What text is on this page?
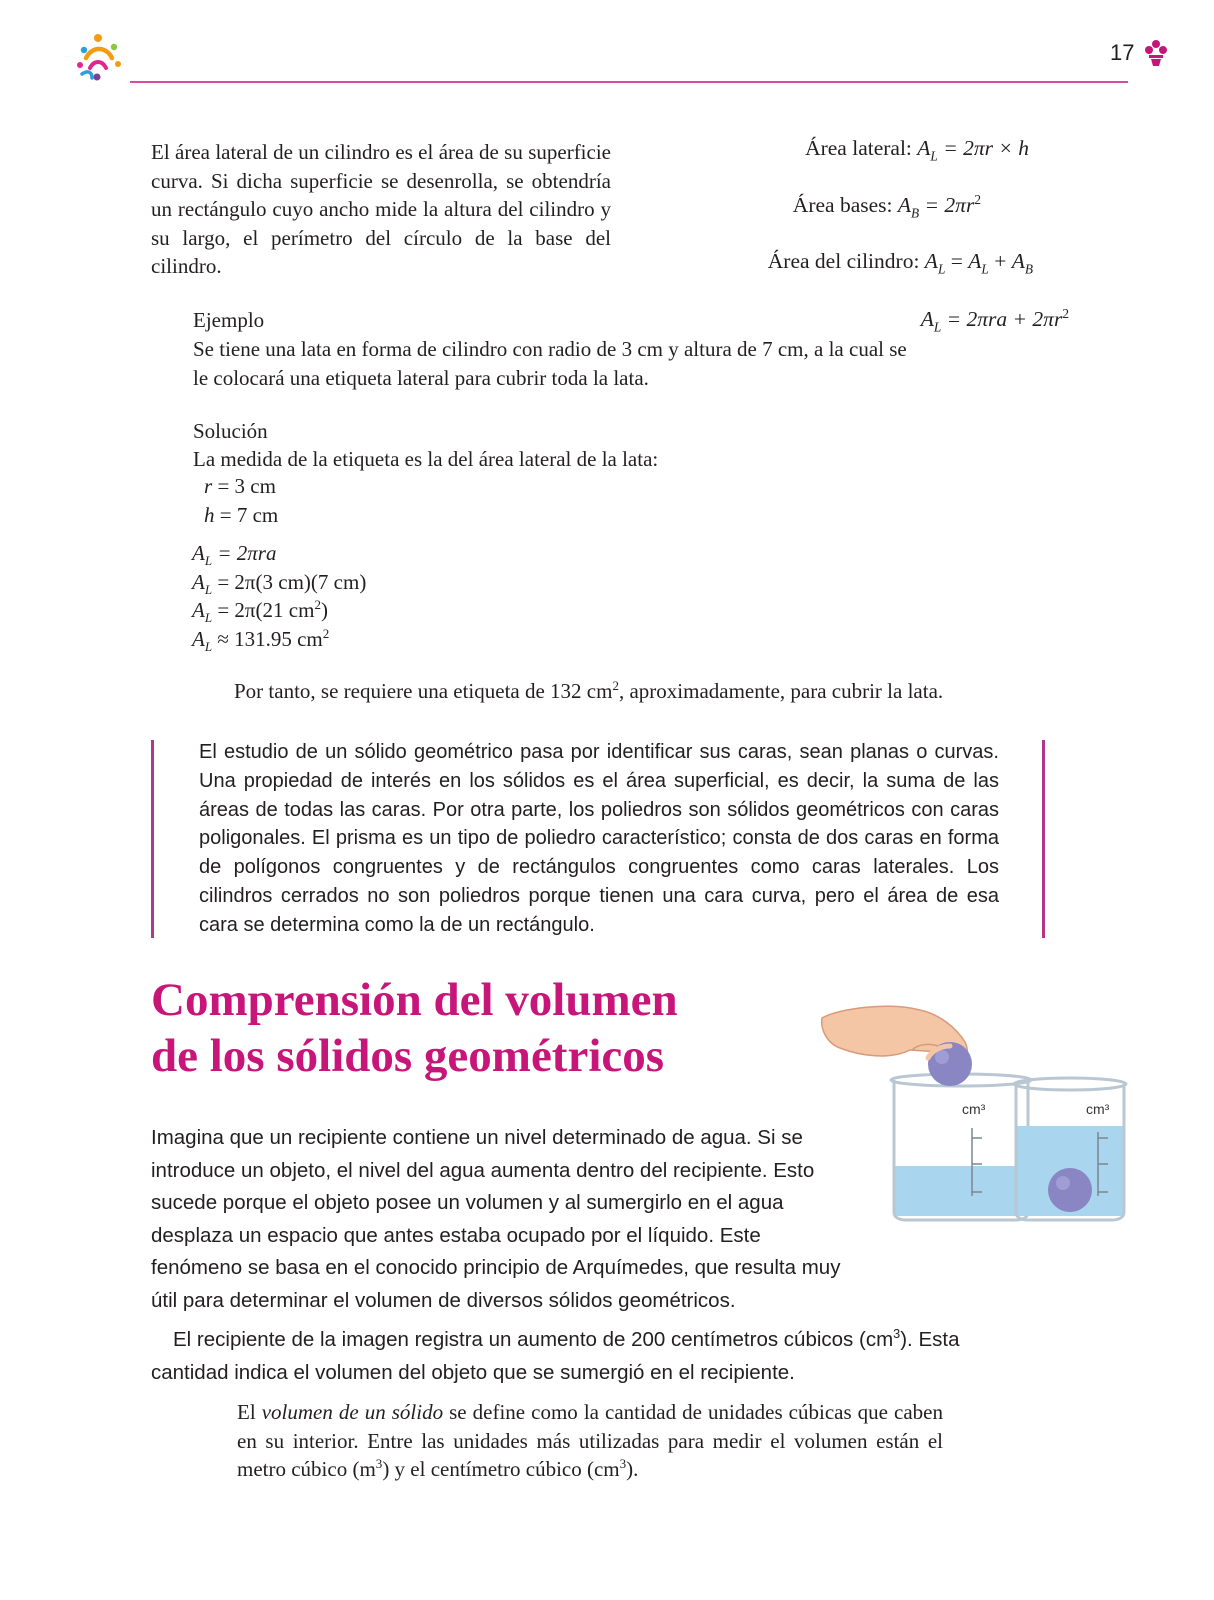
17
El área lateral de un cilindro es el área de su superficie curva. Si dicha superficie se desenrolla, se obtendría un rectángulo cuyo ancho mide la altura del cilindro y su largo, el perímetro del círculo de la base del cilindro.
Área lateral: $A_L = 2\pi r \times h$
Área bases: $A_B = 2\pi r^2$
Área del cilindro: $A_L = A_L + A_B$
$A_L = 2\pi ra + 2\pi r^2$
Ejemplo
Se tiene una lata en forma de cilindro con radio de 3 cm y altura de 7 cm, a la cual se le colocará una etiqueta lateral para cubrir toda la lata.
Solución
La medida de la etiqueta es la del área lateral de la lata:
r = 3 cm
h = 7 cm
$A_L = 2\pi ra$
$A_L = 2\pi(3$ cm)(7 cm)
$A_L = 2\pi(21$ $cm^2$)
$A_L \approx 131.95$ $cm^2$
Por tanto, se requiere una etiqueta de 132 $cm^2$, aproximadamente, para cubrir la lata.
El estudio de un sólido geométrico pasa por identificar sus caras, sean planas o curvas. Una propiedad de interés en los sólidos es el área superficial, es decir, la suma de las áreas de todas las caras. Por otra parte, los poliedros son sólidos geométricos con caras poligonales. El prisma es un tipo de poliedro característico; consta de dos caras en forma de polígonos congruentes y de rectángulos congruentes como caras laterales. Los cilindros cerrados no son poliedros porque tienen una cara curva, pero el área de esa cara se determina como la de un rectángulo.
Comprensión del volumen
de los sólidos geométricos
cm³	cm³
Imagina que un recipiente contiene un nivel determinado de agua. Si se introduce un objeto, el nivel del agua aumenta dentro del recipiente. Esto sucede porque el objeto posee un volumen y al sumergirlo en el agua desplaza un espacio que antes estaba ocupado por el líquido. Este fenómeno se basa en el conocido principio de Arquímedes, que resulta muy útil para determinar el volumen de diversos sólidos geométricos.
El recipiente de la imagen registra un aumento de 200 centímetros cúbicos $(cm^3)$. Esta cantidad indica el volumen del objeto que se sumergió en el recipiente.
El volumen de un sólido se define como la cantidad de unidades cúbicas que caben en su interior. Entre las unidades más utilizadas para medir el volumen están el metro cúbico $(m^3)$ y el centímetro cúbico $(cm^3)$.
